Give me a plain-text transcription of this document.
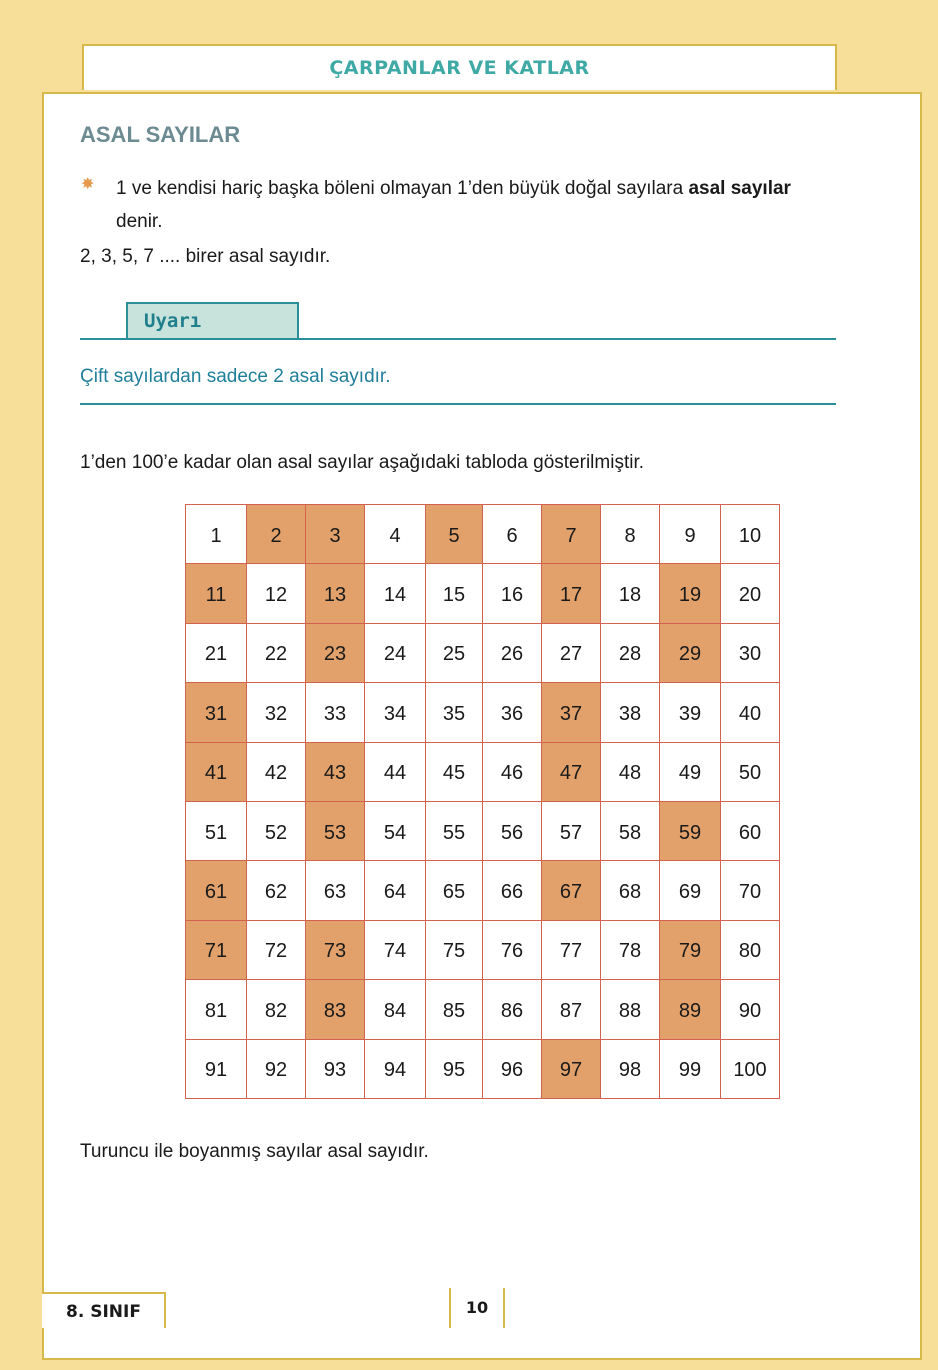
ÇARPANLAR VE KATLAR
ASAL SAYILAR
✸ 1 ve kendisi hariç başka böleni olmayan 1’den büyük doğal sayılara asal sayılar denir.
2, 3, 5, 7 .... birer asal sayıdır.
Uyarı
Çift sayılardan sadece 2 asal sayıdır.
1’den 100’e kadar olan asal sayılar aşağıdaki tabloda gösterilmiştir.
1	2	3	4	5	6	7	8	9	10
11	12	13	14	15	16	17	18	19	20
21	22	23	24	25	26	27	28	29	30
31	32	33	34	35	36	37	38	39	40
41	42	43	44	45	46	47	48	49	50
51	52	53	54	55	56	57	58	59	60
61	62	63	64	65	66	67	68	69	70
71	72	73	74	75	76	77	78	79	80
81	82	83	84	85	86	87	88	89	90
91	92	93	94	95	96	97	98	99	100
Turuncu ile boyanmış sayılar asal sayıdır.
8. SINIF	10
